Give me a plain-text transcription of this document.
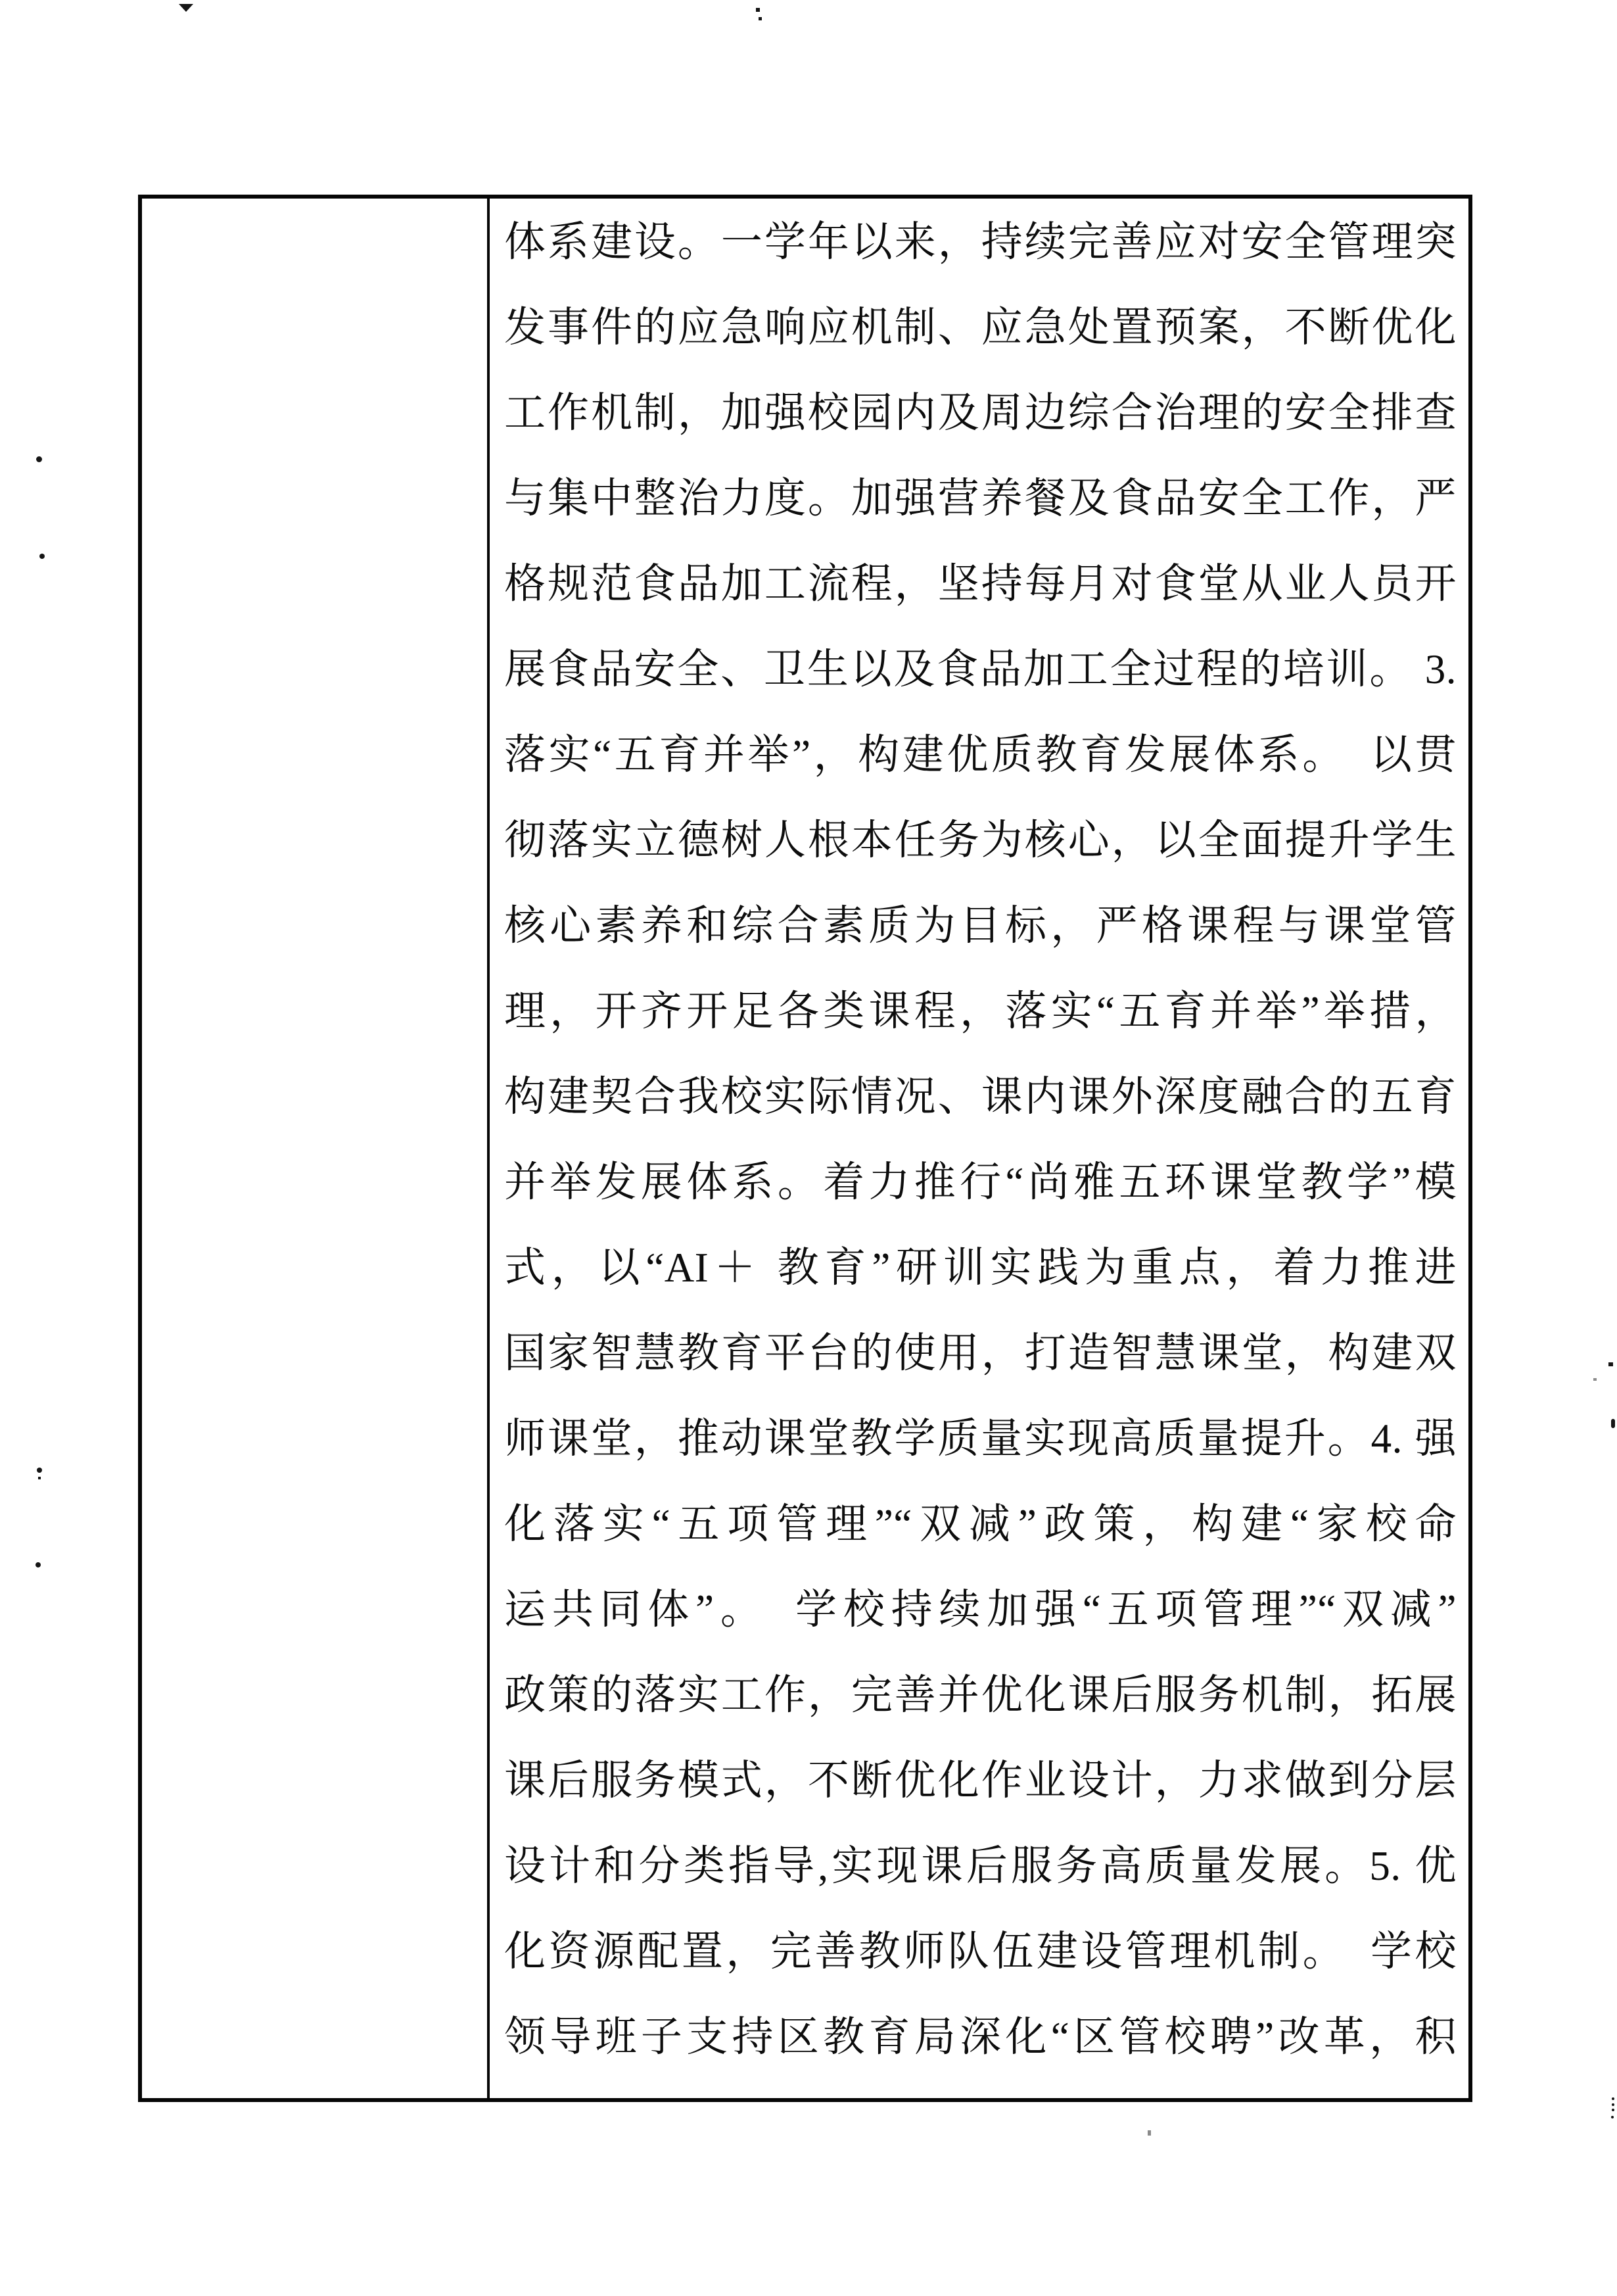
体系建设。一学年以来，持续完善应对安全管理突
发事件的应急响应机制、应急处置预案，不断优化
工作机制，加强校园内及周边综合治理的安全排查
与集中整治力度。加强营养餐及食品安全工作，严
格规范食品加工流程，坚持每月对食堂从业人员开
展食品安全、卫生以及食品加工全过程的培训。 3.
落实“五育并举”，构建优质教育发展体系。　以贯
彻落实立德树人根本任务为核心，以全面提升学生
核心素养和综合素质为目标，严格课程与课堂管
理，开齐开足各类课程，落实“五育并举”举措，
构建契合我校实际情况、课内课外深度融合的五育
并举发展体系。着力推行“尚雅五环课堂教学”模
式，以“AI＋ 教育”研训实践为重点，着力推进
国家智慧教育平台的使用，打造智慧课堂，构建双
师课堂，推动课堂教学质量实现高质量提升。4. 强
化落实“五项管理”“双减”政策，构建“家校命
运共同体”。　学校持续加强“五项管理”“双减”
政策的落实工作，完善并优化课后服务机制，拓展
课后服务模式，不断优化作业设计，力求做到分层
设计和分类指导,实现课后服务高质量发展。5. 优
化资源配置，完善教师队伍建设管理机制。　学校
领导班子支持区教育局深化“区管校聘”改革，积
